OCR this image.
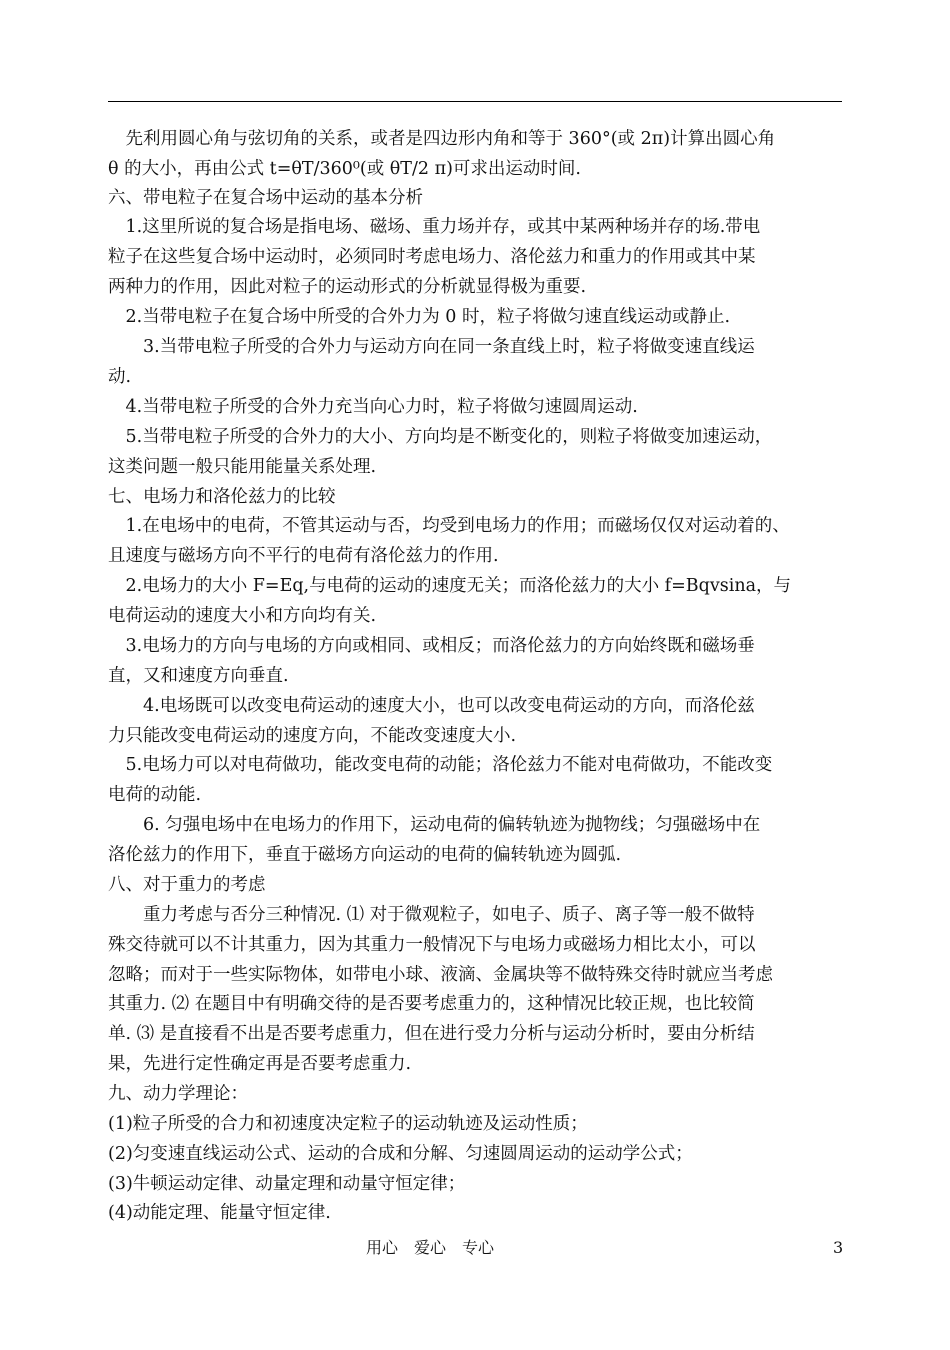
　先利用圆心角与弦切角的关系，或者是四边形内角和等于 360°(或 2π)计算出圆心角

θ 的大小，再由公式 t=θT/360⁰(或 θT/2 π)可求出运动时间.

六、带电粒子在复合场中运动的基本分析

　1.这里所说的复合场是指电场、磁场、重力场并存，或其中某两种场并存的场.带电

粒子在这些复合场中运动时，必须同时考虑电场力、洛伦兹力和重力的作用或其中某

两种力的作用，因此对粒子的运动形式的分析就显得极为重要.

　2.当带电粒子在复合场中所受的合外力为 0 时，粒子将做匀速直线运动或静止.

　　3.当带电粒子所受的合外力与运动方向在同一条直线上时，粒子将做变速直线运

动.

　4.当带电粒子所受的合外力充当向心力时，粒子将做匀速圆周运动.

　5.当带电粒子所受的合外力的大小、方向均是不断变化的，则粒子将做变加速运动，

这类问题一般只能用能量关系处理.

七、电场力和洛伦兹力的比较

　1.在电场中的电荷，不管其运动与否，均受到电场力的作用；而磁场仅仅对运动着的、

且速度与磁场方向不平行的电荷有洛伦兹力的作用.

　2.电场力的大小 F=Eq,与电荷的运动的速度无关；而洛伦兹力的大小 f=Bqvsina，与

电荷运动的速度大小和方向均有关.

　3.电场力的方向与电场的方向或相同、或相反；而洛伦兹力的方向始终既和磁场垂

直，又和速度方向垂直.

　　4.电场既可以改变电荷运动的速度大小，也可以改变电荷运动的方向，而洛伦兹

力只能改变电荷运动的速度方向，不能改变速度大小.

　5.电场力可以对电荷做功，能改变电荷的动能；洛伦兹力不能对电荷做功，不能改变

电荷的动能.

　　6. 匀强电场中在电场力的作用下，运动电荷的偏转轨迹为抛物线；匀强磁场中在

洛伦兹力的作用下，垂直于磁场方向运动的电荷的偏转轨迹为圆弧.

八、对于重力的考虑

　　重力考虑与否分三种情况. ⑴ 对于微观粒子，如电子、质子、离子等一般不做特

殊交待就可以不计其重力，因为其重力一般情况下与电场力或磁场力相比太小，可以

忽略；而对于一些实际物体，如带电小球、液滴、金属块等不做特殊交待时就应当考虑

其重力. ⑵ 在题目中有明确交待的是否要考虑重力的，这种情况比较正规，也比较简

单. ⑶ 是直接看不出是否要考虑重力，但在进行受力分析与运动分析时，要由分析结

果，先进行定性确定再是否要考虑重力.

九、动力学理论：

(1)粒子所受的合力和初速度决定粒子的运动轨迹及运动性质；

(2)匀变速直线运动公式、运动的合成和分解、匀速圆周运动的运动学公式；

(3)牛顿运动定律、动量定理和动量守恒定律；

(4)动能定理、能量守恒定律.

用心　爱心　专心	3
